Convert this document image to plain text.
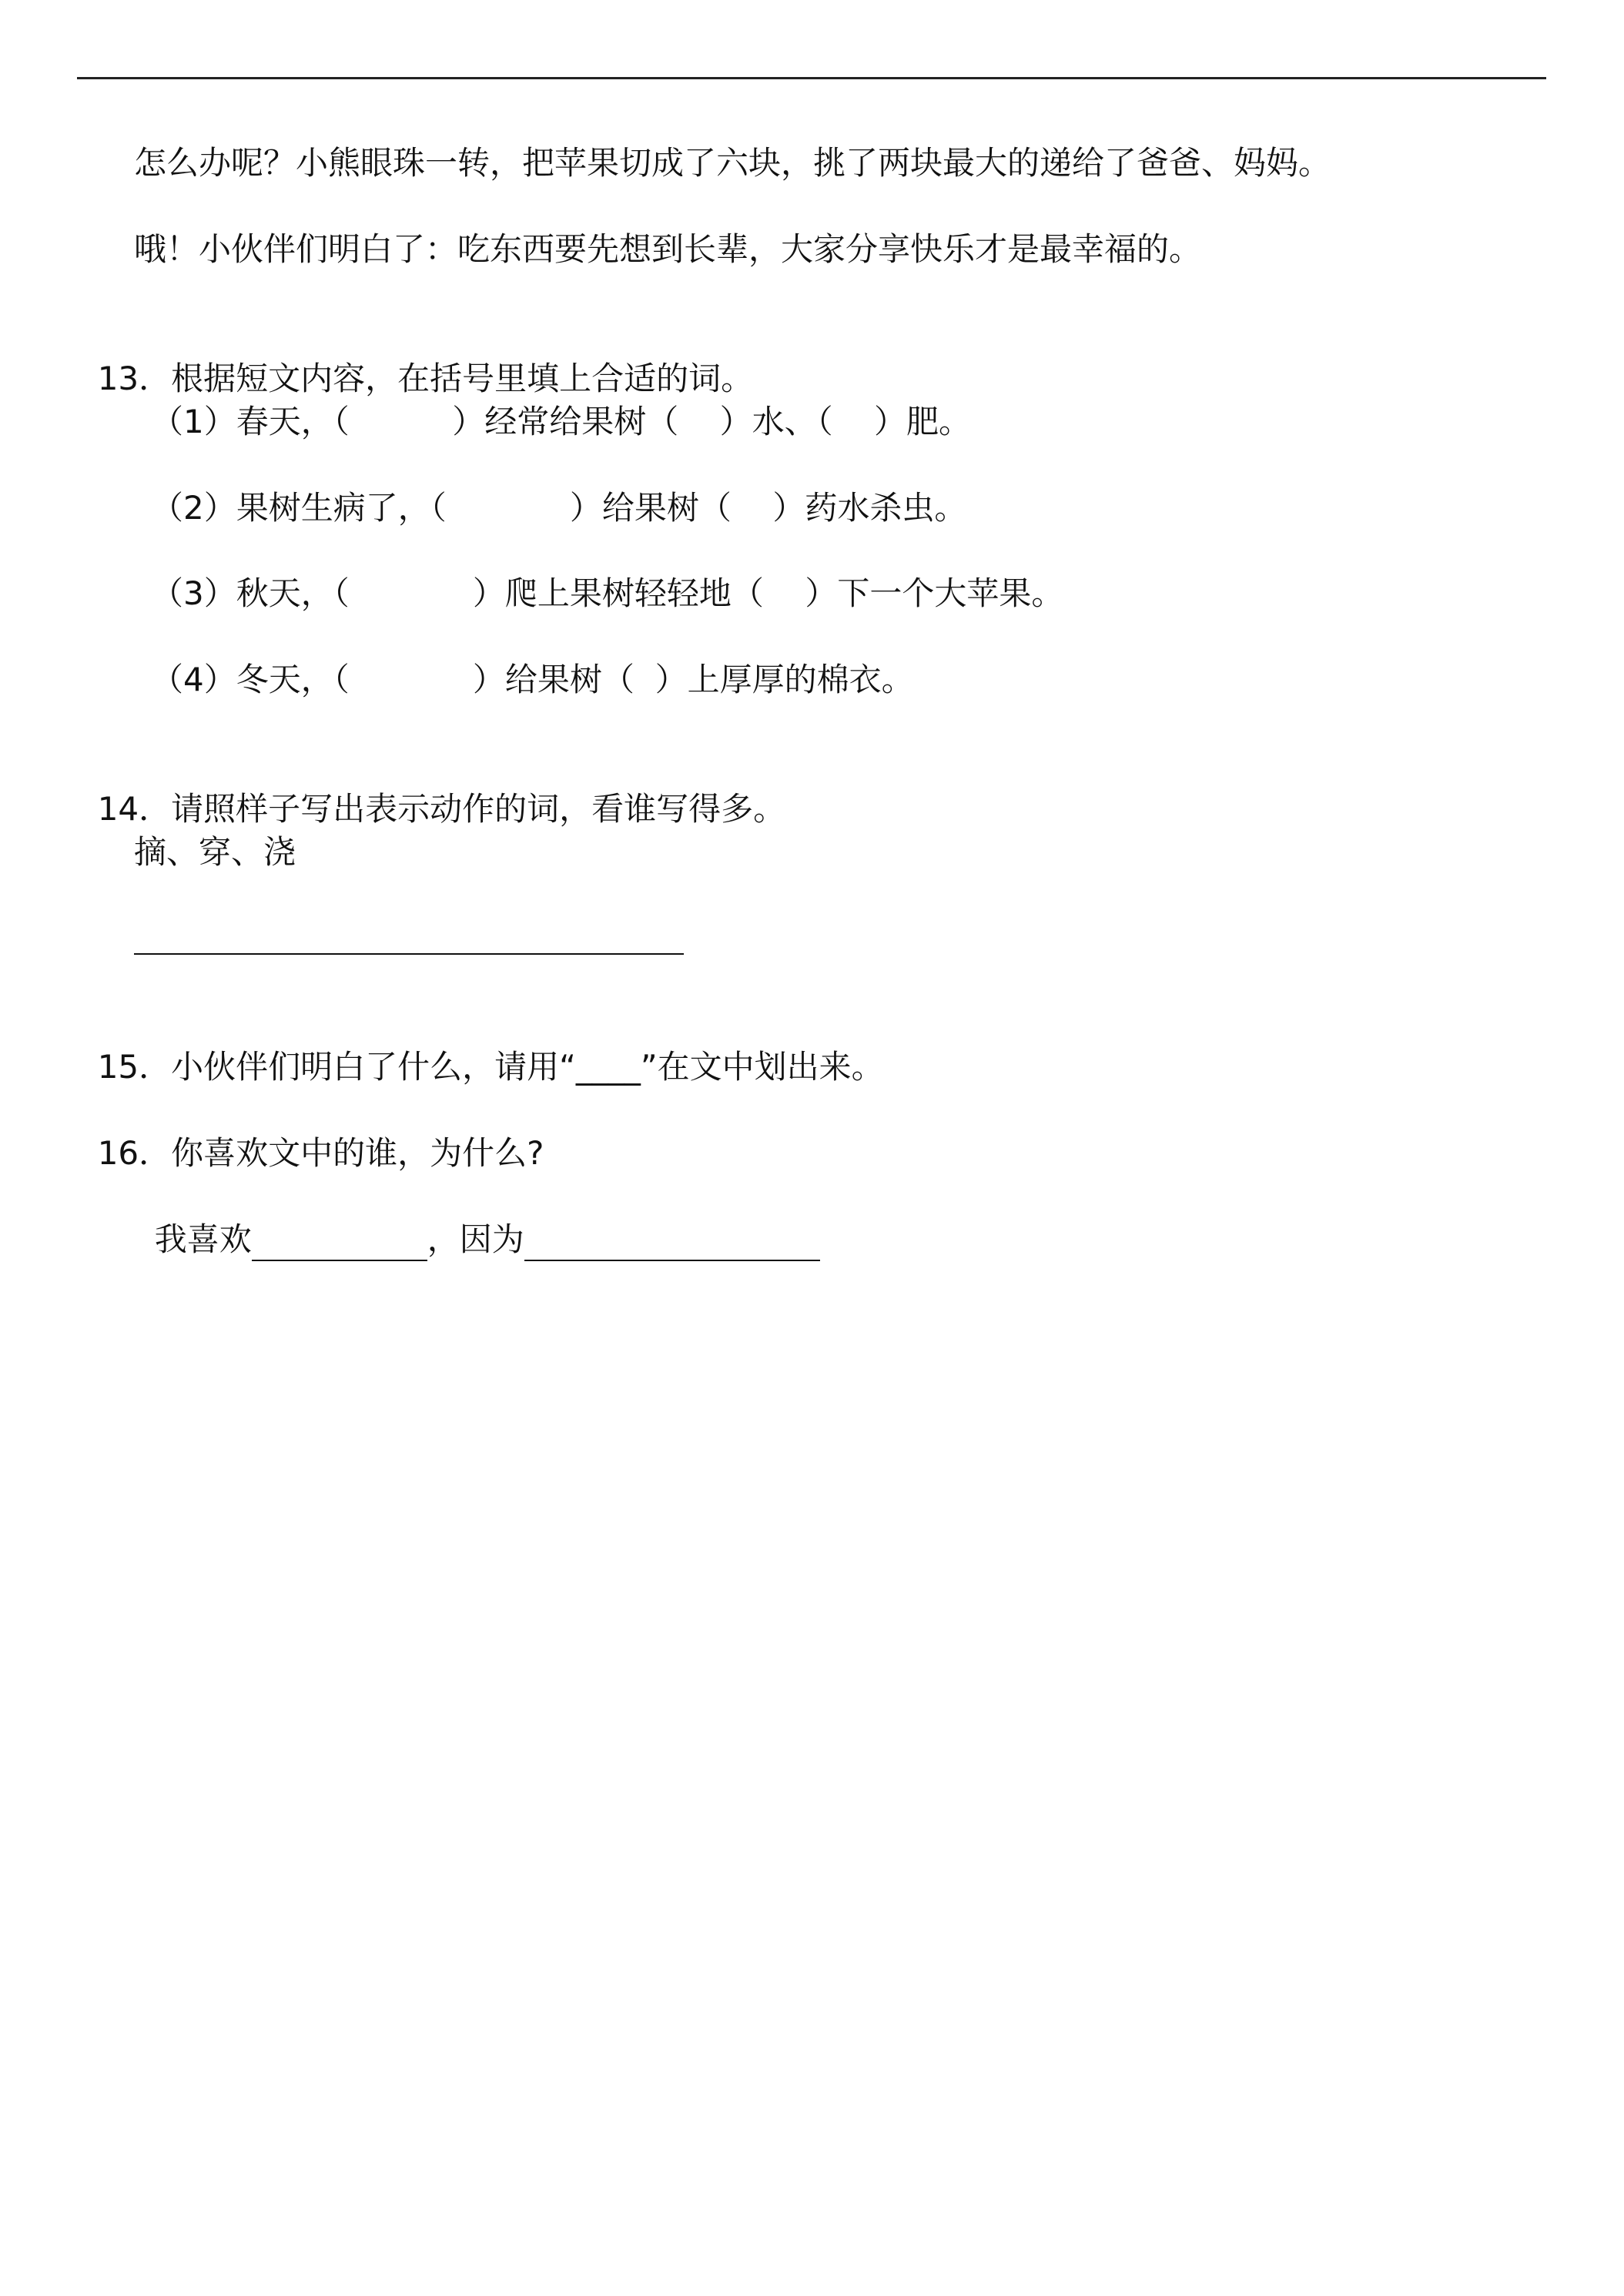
怎么办呢？小熊眼珠一转，把苹果切成了六块，挑了两块最大的递给了爸爸、妈妈。
哦！小伙伴们明白了：吃东西要先想到长辈，大家分享快乐才是最幸福的。

13．根据短文内容，在括号里填上合适的词。

（1）春天，（          ）经常给果树（    ）水、（    ）肥。
（2）果树生病了，（            ）给果树（    ）药水杀虫。
（3）秋天，（            ）爬上果树轻轻地（    ）下一个大苹果。
（4）冬天，（            ）给果树（  ）上厚厚的棉衣。

14．请照样子写出表示动作的词，看谁写得多。

摘、穿、浇

15．小伙伴们明白了什么，请用“____”在文中划出来。

16．你喜欢文中的谁，为什么?

我喜欢	，因为
